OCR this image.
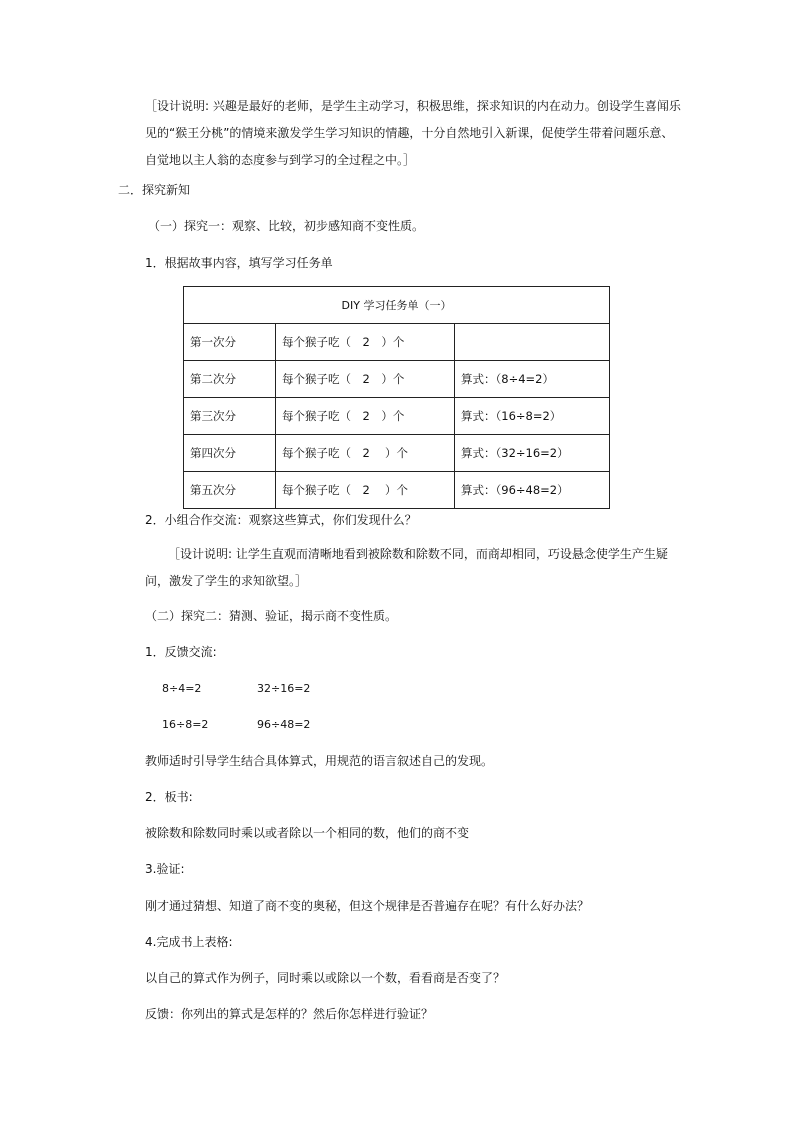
［设计说明: 兴趣是最好的老师，是学生主动学习，积极思维，探求知识的内在动力。创设学生喜闻乐见的“猴王分桃”的情境来激发学生学习知识的情趣，十分自然地引入新课，促使学生带着问题乐意、自觉地以主人翁的态度参与到学习的全过程之中。］
二．探究新知
（一）探究一：观察、比较，初步感知商不变性质。
1．根据故事内容，填写学习任务单
DIY 学习任务单（一）		
第一次分	每个猴子吃（　2　）个	
第二次分	每个猴子吃（　2　）个	算式：（8÷4=2）
第三次分	每个猴子吃（　2　）个	算式：（16÷8=2）
第四次分	每个猴子吃（　2　 ）个	算式：（32÷16=2）
第五次分	每个猴子吃（　2　 ）个	算式：（96÷48=2）
2．小组合作交流：观察这些算式，你们发现什么？
［设计说明: 让学生直观而清晰地看到被除数和除数不同，而商却相同，巧设悬念使学生产生疑问，激发了学生的求知欲望。］
（二）探究二：猜测、验证，揭示商不变性质。
1．反馈交流:
8÷4=2	32÷16=2
16÷8=2	96÷48=2
教师适时引导学生结合具体算式，用规范的语言叙述自己的发现。
2．板书:
被除数和除数同时乘以或者除以一个相同的数，他们的商不变
3.验证:
刚才通过猜想、知道了商不变的奥秘，但这个规律是否普遍存在呢？有什么好办法？
4.完成书上表格:
以自己的算式作为例子，同时乘以或除以一个数，看看商是否变了？
反馈：你列出的算式是怎样的？然后你怎样进行验证？
